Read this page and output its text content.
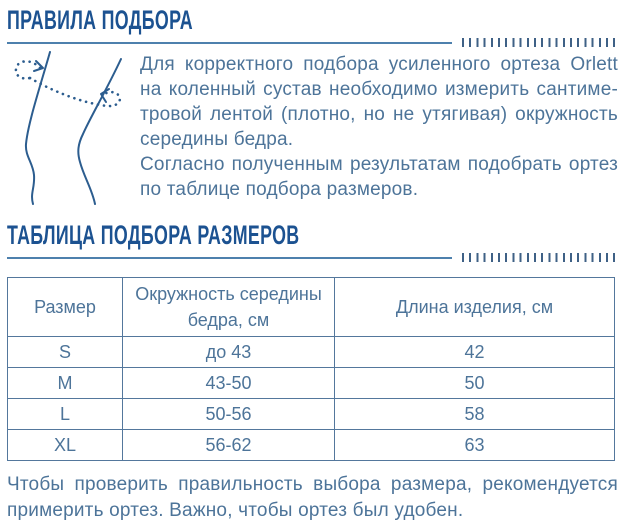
ПРАВИЛА ПОДБОРА
Для корректного подбора усиленного ортеза Orlett
на коленный сустав необходимо измерить сантиме-
тровой лентой (плотно, но не утягивая) окружность
середины бедра.
Согласно полученным результатам подобрать ортез
по таблице подбора размеров.
ТАБЛИЦА ПОДБОРА РАЗМЕРОВ
Размер	Окружность середины бедра, см	Длина изделия, см
S	до 43	42
M	43-50	50
L	50-56	58
XL	56-62	63
Чтобы проверить правильность выбора размера, рекомендуется
примерить ортез. Важно, чтобы ортез был удобен.
